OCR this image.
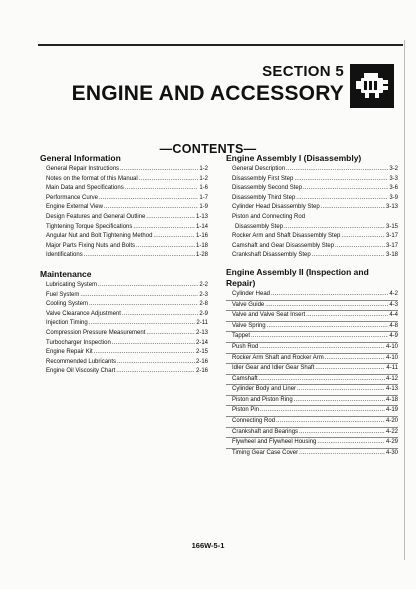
SECTION 5
ENGINE AND ACCESSORY
—CONTENTS—
General Information
General Repair Instructions .....	1-2
Notes on the format of this Manual .....	1-2
Main Data and Specifications .....	1-6
Performance Curve .....	1-7
Engine External View .....	1-9
Design Features and General Outline .....	1-13
Tightening Torque Specifications .....	1-14
Angular Nut and Bolt Tightening Method .....	1-16
Major Parts Fixing Nuts and Bolts .....	1-18
Identifications .....	1-28
Maintenance
Lubricating System .....	2-2
Fuel System .....	2-3
Cooling System .....	2-8
Valve Clearance Adjustment .....	2-9
Injection Timing .....	2-11
Compression Pressure Measurement .....	2-13
Turbocharger Inspection .....	2-14
Engine Repair Kit .....	2-15
Recommended Lubricants .....	2-16
Engine Oil Viscosity Chart .....	2-16
Engine Assembly I (Disassembly)
General Description .....	3-2
Disassembly First Step .....	3-3
Disassembly Second Step .....	3-6
Disassembly Third Step .....	3-9
Cylinder Head Disassembly Step .....	3-13
Piston and Connecting Rod
Disassembly Step .....	3-15
Rocker Arm and Shaft Disassembly Step .....	3-17
Camshaft and Gear Disassembly Step .....	3-17
Crankshaft Disassembly Step .....	3-18
Engine Assembly II (Inspection and Repair)
Cylinder Head .....	4-2
Valve Guide .....	4-3
Valve and Valve Seat Insert .....	4-4
Valve Spring .....	4-8
Tappet .....	4-9
Push Rod .....	4-10
Rocker Arm Shaft and Rocker Arm .....	4-10
Idler Gear and Idler Gear Shaft .....	4-11
Camshaft .....	4-12
Cylinder Body and Liner .....	4-13
Piston and Piston Ring .....	4-18
Piston Pin .....	4-19
Connecting Rod .....	4-20
Crankshaft and Bearings .....	4-22
Flywheel and Flywheel Housing .....	4-29
Timing Gear Case Cover .....	4-30
166W-5-1
